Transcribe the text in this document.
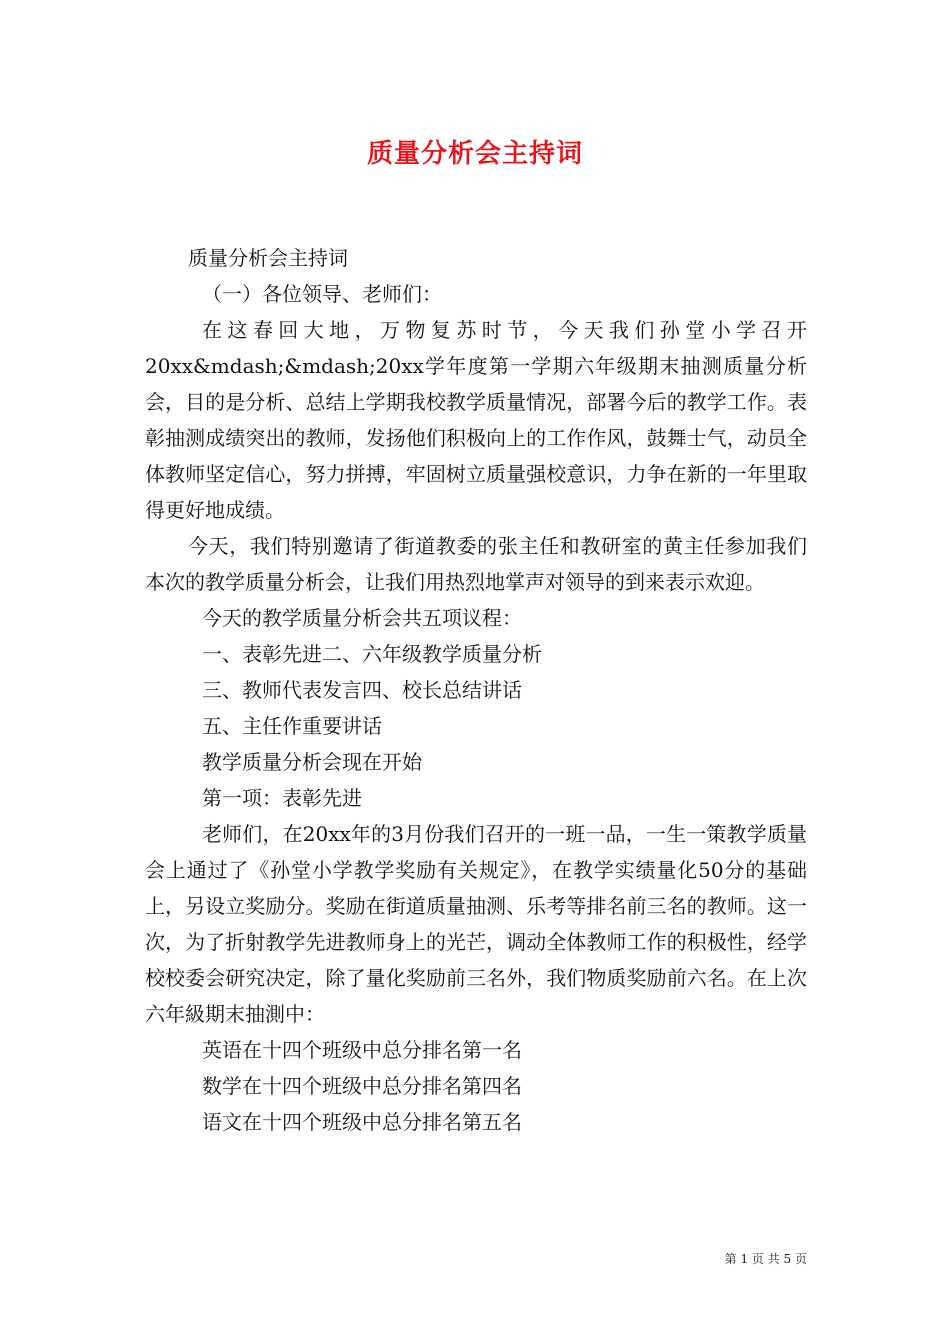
质量分析会主持词

质量分析会主持词

（一）各位领导、老师们：

在这春回大地，万物复苏时节，今天我们孙堂小学召开20xx&mdash;&mdash;20xx学年度第一学期六年级期末抽测质量分析会，目的是分析、总结上学期我校教学质量情况，部署今后的教学工作。表彰抽测成绩突出的教师，发扬他们积极向上的工作作风，鼓舞士气，动员全体教师坚定信心，努力拼搏，牢固树立质量强校意识，力争在新的一年里取得更好地成绩。

今天，我们特别邀请了街道教委的张主任和教研室的黄主任参加我们本次的教学质量分析会，让我们用热烈地掌声对领导的到来表示欢迎。

今天的教学质量分析会共五项议程：

一、表彰先进二、六年级教学质量分析

三、教师代表发言四、校长总结讲话

五、主任作重要讲话

教学质量分析会现在开始

第一项：表彰先进

老师们，在20xx年的3月份我们召开的一班一品，一生一策教学质量会上通过了《孙堂小学教学奖励有关规定》，在教学实绩量化50分的基础上，另设立奖励分。奖励在街道质量抽测、乐考等排名前三名的教师。这一次，为了折射教学先进教师身上的光芒，调动全体教师工作的积极性，经学校校委会研究决定，除了量化奖励前三名外，我们物质奖励前六名。在上次六年級期末抽測中：

英语在十四个班级中总分排名第一名

数学在十四个班级中总分排名第四名

语文在十四个班级中总分排名第五名

第 1 页 共 5 页
